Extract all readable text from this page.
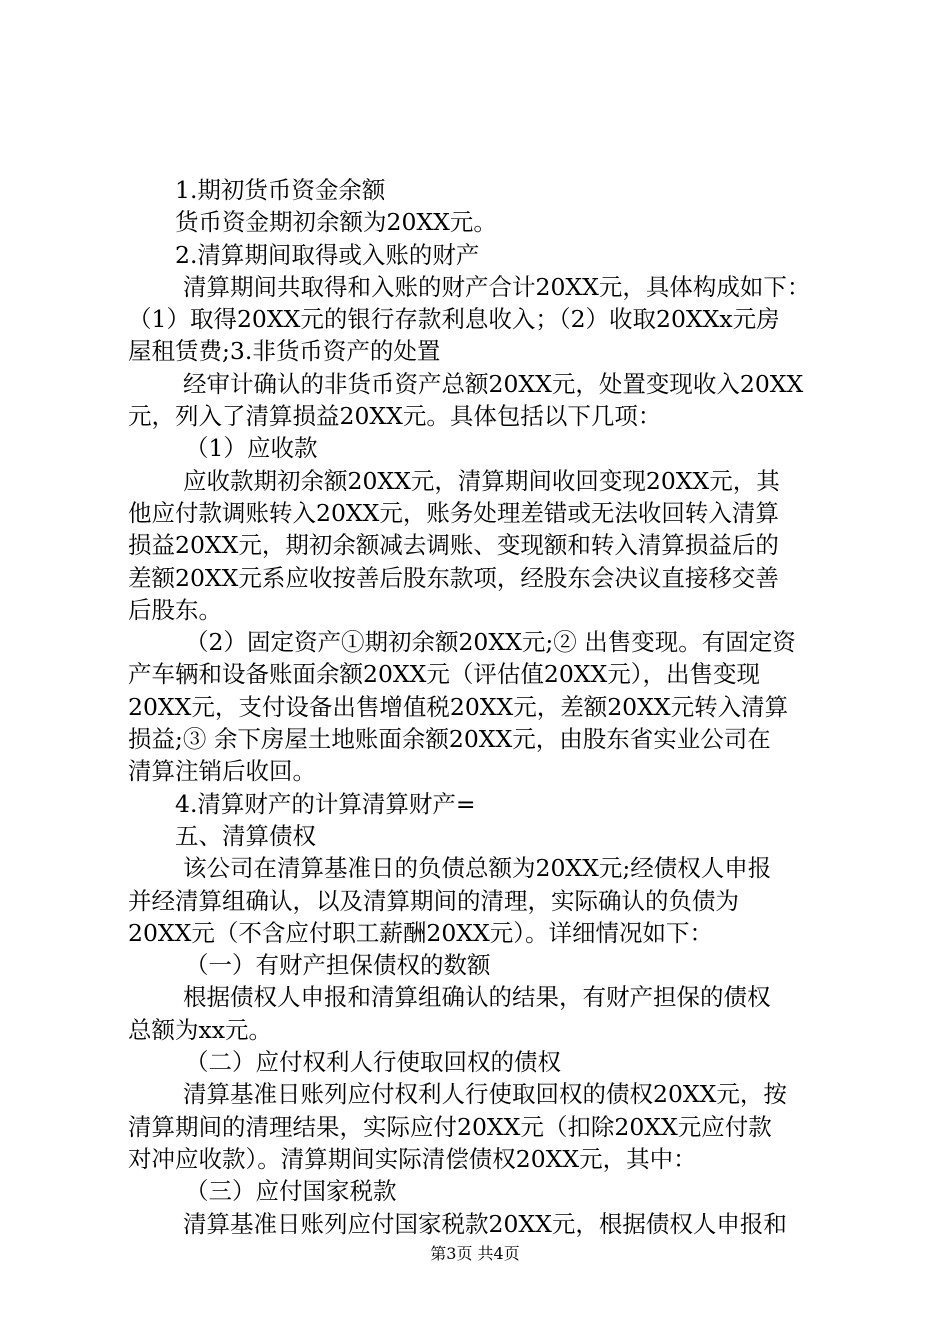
1.期初货币资金余额
货币资金期初余额为20XX元。
2.清算期间取得或入账的财产
清算期间共取得和入账的财产合计20XX元，具体构成如下：
（1）取得20XX元的银行存款利息收入；（2）收取20XXx元房
屋租赁费;3.非货币资产的处置
经审计确认的非货币资产总额20XX元，处置变现收入20XX
元，列入了清算损益20XX元。具体包括以下几项：
（1）应收款
应收款期初余额20XX元，清算期间收回变现20XX元，其
他应付款调账转入20XX元，账务处理差错或无法收回转入清算
损益20XX元，期初余额减去调账、变现额和转入清算损益后的
差额20XX元系应收按善后股东款项，经股东会决议直接移交善
后股东。
（2）固定资产①期初余额20XX元;② 出售变现。有固定资
产车辆和设备账面余额20XX元（评估值20XX元），出售变现
20XX元，支付设备出售增值税20XX元，差额20XX元转入清算
损益;③ 余下房屋土地账面余额20XX元，由股东省实业公司在
清算注销后收回。
4.清算财产的计算清算财产=
五、清算债权
该公司在清算基准日的负债总额为20XX元;经债权人申报
并经清算组确认，以及清算期间的清理，实际确认的负债为
20XX元（不含应付职工薪酬20XX元）。详细情况如下：
（一）有财产担保债权的数额
根据债权人申报和清算组确认的结果，有财产担保的债权
总额为xx元。
（二）应付权利人行使取回权的债权
清算基准日账列应付权利人行使取回权的债权20XX元，按
清算期间的清理结果，实际应付20XX元（扣除20XX元应付款
对冲应收款）。清算期间实际清偿债权20XX元，其中：
（三）应付国家税款
清算基准日账列应付国家税款20XX元，根据债权人申报和
第3页 共4页
